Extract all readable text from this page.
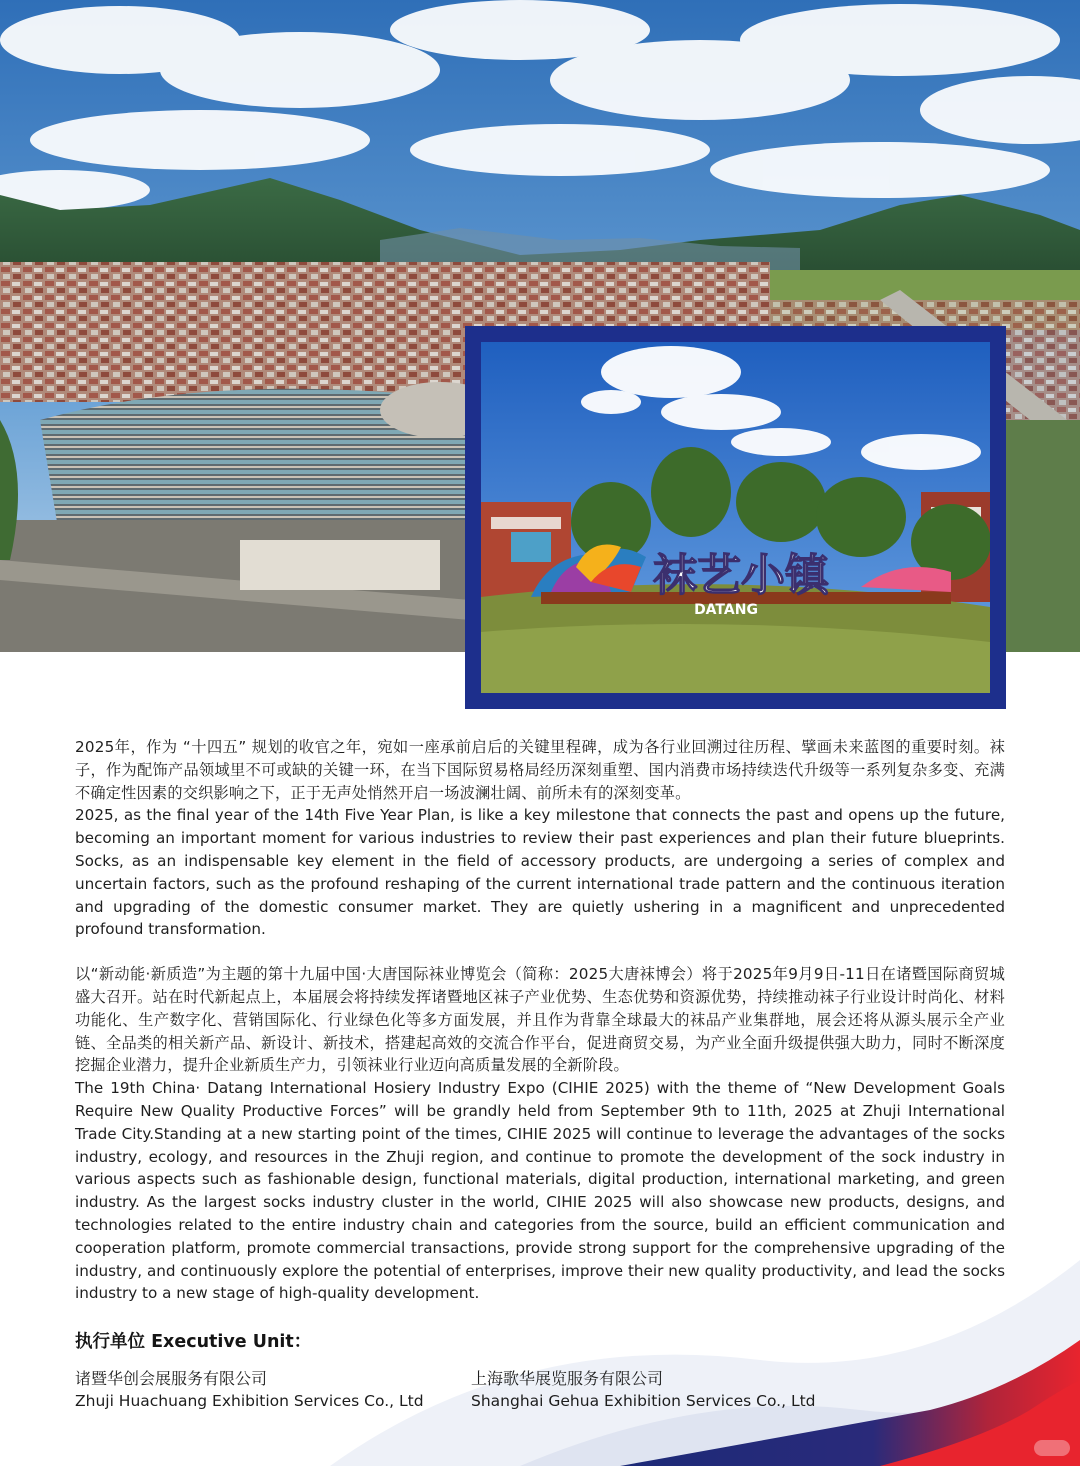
袜艺小镇
DATANG

2025年，作为 “十四五” 规划的收官之年，宛如一座承前启后的关键里程碑，成为各行业回溯过往历程、擘画未来蓝图的重要时刻。袜子，作为配饰产品领域里不可或缺的关键一环，在当下国际贸易格局经历深刻重塑、国内消费市场持续迭代升级等一系列复杂多变、充满不确定性因素的交织影响之下，正于无声处悄然开启一场波澜壮阔、前所未有的深刻变革。

2025, as the final year of the 14th Five Year Plan, is like a key milestone that connects the past and opens up the future, becoming an important moment for various industries to review their past experiences and plan their future blueprints. Socks, as an indispensable key element in the field of accessory products, are undergoing a series of complex and uncertain factors, such as the profound reshaping of the current international trade pattern and the continuous iteration and upgrading of the domestic consumer market. They are quietly ushering in a magnificent and unprecedented profound transformation.

以“新动能·新质造”为主题的第十九届中国·大唐国际袜业博览会（简称：2025大唐袜博会）将于2025年9月9日-11日在诸暨国际商贸城盛大召开。站在时代新起点上，本届展会将持续发挥诸暨地区袜子产业优势、生态优势和资源优势，持续推动袜子行业设计时尚化、材料功能化、生产数字化、营销国际化、行业绿色化等多方面发展，并且作为背靠全球最大的袜品产业集群地，展会还将从源头展示全产业链、全品类的相关新产品、新设计、新技术，搭建起高效的交流合作平台，促进商贸交易，为产业全面升级提供强大助力，同时不断深度挖掘企业潜力，提升企业新质生产力，引领袜业行业迈向高质量发展的全新阶段。

The 19th China· Datang International Hosiery Industry Expo (CIHIE 2025) with the theme of “New Development Goals Require New Quality Productive Forces” will be grandly held from September 9th to 11th, 2025 at Zhuji International Trade City.Standing at a new starting point of the times, CIHIE 2025 will continue to leverage the advantages of the socks industry, ecology, and resources in the Zhuji region, and continue to promote the development of the sock industry in various aspects such as fashionable design, functional materials, digital production, international marketing, and green industry. As the largest socks industry cluster in the world, CIHIE 2025 will also showcase new products, designs, and technologies related to the entire industry chain and categories from the source, build an efficient communication and cooperation platform, promote commercial transactions, provide strong support for the comprehensive upgrading of the industry, and continuously explore the potential of enterprises, improve their new quality productivity, and lead the socks industry to a new stage of high-quality development.

执行单位 Executive Unit：
诸暨华创会展服务有限公司
Zhuji Huachuang Exhibition Services Co., Ltd
上海歌华展览服务有限公司
Shanghai Gehua Exhibition Services Co., Ltd
